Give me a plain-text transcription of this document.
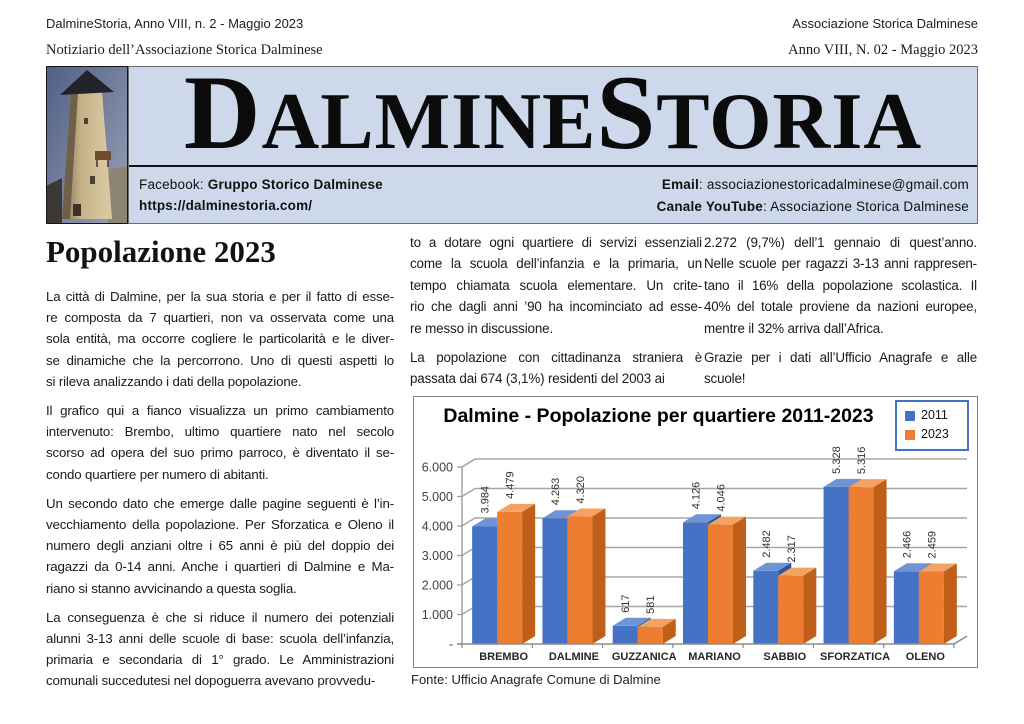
DalmineStoria, Anno VIII, n. 2 - Maggio 2023	Associazione Storica Dalminese
Notiziario dell’Associazione Storica Dalminese	Anno VIII, N. 02 - Maggio 2023
DALMINESTORIA
Facebook: Gruppo Storico Dalminese
https://dalminestoria.com/
Email: associazionestoricadalminese@gmail.com
Canale YouTube: Associazione Storica Dalminese
Popolazione 2023
La città di Dalmine, per la sua storia e per il fatto di esse-
re composta da 7 quartieri, non va osservata come una
sola entità, ma occorre cogliere le particolarità e le diver-
se dinamiche che la percorrono. Uno di questi aspetti lo
si rileva analizzando i dati della popolazione.
Il grafico qui a fianco visualizza un primo cambiamento
intervenuto: Brembo, ultimo quartiere nato nel secolo
scorso ad opera del suo primo parroco, è diventato il se-
condo quartiere per numero di abitanti.
Un secondo dato che emerge dalle pagine seguenti è l’in-
vecchiamento della popolazione. Per Sforzatica e Oleno il
numero degli anziani oltre i 65 anni è più del doppio dei
ragazzi da 0-14 anni. Anche i quartieri di Dalmine e Ma-
riano si stanno avvicinando a questa soglia.
La conseguenza è che si riduce il numero dei potenziali
alunni 3-13 anni delle scuole di base: scuola dell’infanzia,
primaria e secondaria di 1° grado. Le Amministrazioni
comunali succedutesi nel dopoguerra avevano provvedu-
to a dotare ogni quartiere di servizi essenziali
come la scuola dell’infanzia e la primaria, un
tempo chiamata scuola elementare. Un crite-
rio che dagli anni ’90 ha incominciato ad esse-
re messo in discussione.
La popolazione con cittadinanza straniera è
passata dai 674 (3,1%) residenti del 2003 ai
2.272 (9,7%) dell’1 gennaio di quest’anno.
Nelle scuole per ragazzi 3-13 anni rappresen-
tano il 16% della popolazione scolastica. Il
40% del totale proviene da nazioni europee,
mentre il 32% arriva dall’Africa.
Grazie per i dati all’Ufficio Anagrafe e alle
scuole!
Dalmine - Popolazione per quartiere 2011-2023	2011
2023
-
1.000
2.000
3.000
4.000
5.000
6.000
3.984
4.479
BREMBO
4.263 4.320
DALMINE
617 581
GUZZANICA
4.126 4.046
MARIANO
2.482 2.317
SABBIO
5.328 5.316
SFORZATICA
2.466 2.459
OLENO
Fonte: Ufficio Anagrafe Comune di Dalmine
